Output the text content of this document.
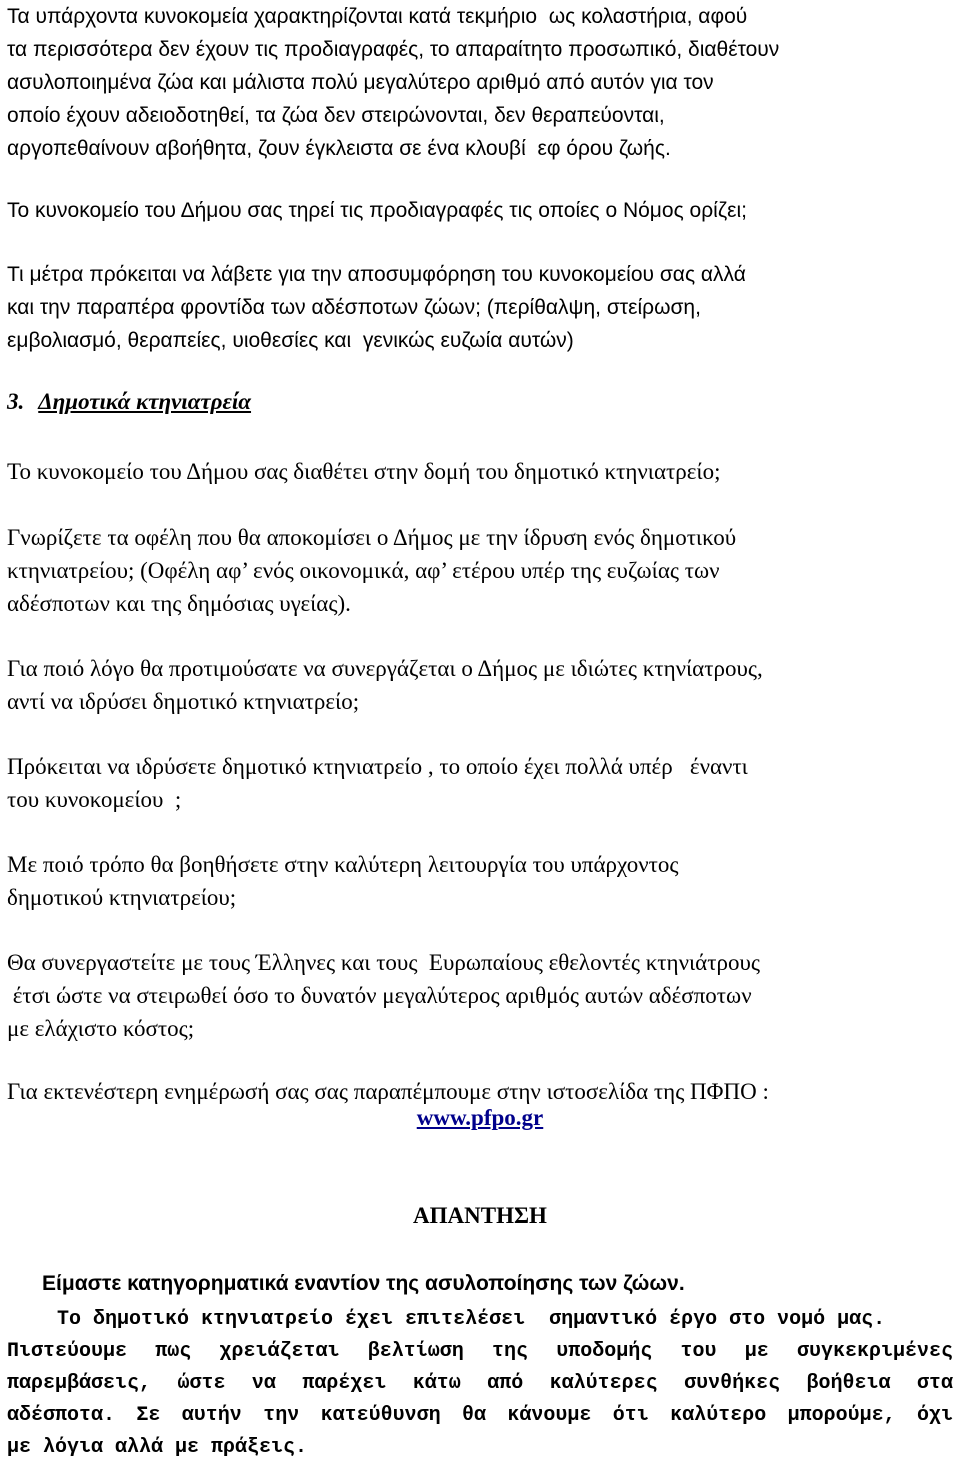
Τα υπάρχοντα κυνοκομεία χαρακτηρίζονται κατά τεκμήριο  ως κολαστήρια, αφού
τα περισσότερα δεν έχουν τις προδιαγραφές, το απαραίτητο προσωπικό, διαθέτουν
ασυλοποιημένα ζώα και μάλιστα πολύ μεγαλύτερο αριθμό από αυτόν για τον
οποίο έχουν αδειοδοτηθεί, τα ζώα δεν στειρώνονται, δεν θεραπεύονται,
αργοπεθαίνουν αβοήθητα, ζουν έγκλειστα σε ένα κλουβί  εφ όρου ζωής.

Το κυνοκομείο του Δήμου σας τηρεί τις προδιαγραφές τις οποίες ο Νόμος ορίζει;

Τι μέτρα πρόκειται να λάβετε για την αποσυμφόρηση του κυνοκομείου σας αλλά
και την παραπέρα φροντίδα των αδέσποτων ζώων; (περίθαλψη, στείρωση,
εμβολιασμό, θεραπείες, υιοθεσίες και  γενικώς ευζωία αυτών)

3. Δημοτικά κτηνιατρεία

Το κυνοκομείο του Δήμου σας διαθέτει στην δομή του δημοτικό κτηνιατρείο;

Γνωρίζετε τα οφέλη που θα αποκομίσει ο Δήμος με την ίδρυση ενός δημοτικού
κτηνιατρείου; (Οφέλη αφ’ ενός οικονομικά, αφ’ ετέρου υπέρ της ευζωίας των
αδέσποτων και της δημόσιας υγείας).

Για ποιό λόγο θα προτιμούσατε να συνεργάζεται ο Δήμος με ιδιώτες κτηνίατρους,
αντί να ιδρύσει δημοτικό κτηνιατρείο;

Πρόκειται να ιδρύσετε δημοτικό κτηνιατρείο , το οποίο έχει πολλά υπέρ   έναντι
του κυνοκομείου  ;

Με ποιό τρόπο θα βοηθήσετε στην καλύτερη λειτουργία του υπάρχοντος
δημοτικού κτηνιατρείου;

Θα συνεργαστείτε με τους Έλληνες και τους  Ευρωπαίους εθελοντές κτηνιάτρους
έτσι ώστε να στειρωθεί όσο το δυνατόν μεγαλύτερος αριθμός αυτών αδέσποτων
με ελάχιστο κόστος;

Για εκτενέστερη ενημέρωσή σας σας παραπέμπουμε στην ιστοσελίδα της ΠΦΠΟ :

www.pfpo.gr
ΑΠΑΝΤΗΣΗ
Είμαστε κατηγορηματικά εναντίον της ασυλοποίησης των ζώων.

Το δημοτικό κτηνιατρείο έχει επιτελέσει  σημαντικό έργο στο νομό μας.
Πιστεύουμε πως χρειάζεται βελτίωση της υποδομής του με συγκεκριμένες
παρεμβάσεις, ώστε να παρέχει κάτω από καλύτερες συνθήκες βοήθεια στα
αδέσποτα. Σε αυτήν την κατεύθυνση θα κάνουμε ότι καλύτερο μπορούμε, όχι
με λόγια αλλά με πράξεις.
